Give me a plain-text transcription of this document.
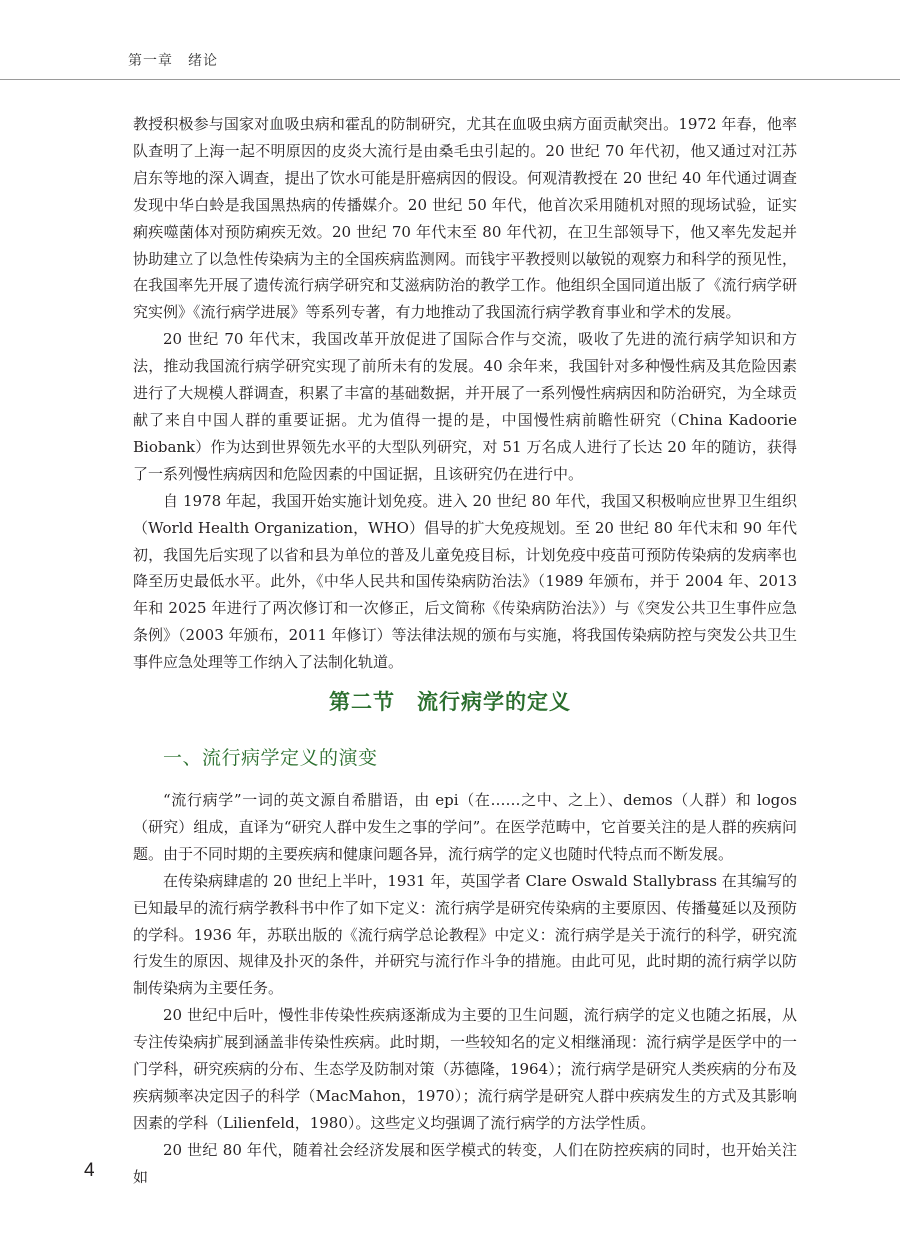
第一章　绪论

教授积极参与国家对血吸虫病和霍乱的防制研究，尤其在血吸虫病方面贡献突出。1972 年春，他率队查明了上海一起不明原因的皮炎大流行是由桑毛虫引起的。20 世纪 70 年代初，他又通过对江苏启东等地的深入调查，提出了饮水可能是肝癌病因的假设。何观清教授在 20 世纪 40 年代通过调查发现中华白蛉是我国黑热病的传播媒介。20 世纪 50 年代，他首次采用随机对照的现场试验，证实痢疾噬菌体对预防痢疾无效。20 世纪 70 年代末至 80 年代初，在卫生部领导下，他又率先发起并协助建立了以急性传染病为主的全国疾病监测网。而钱宇平教授则以敏锐的观察力和科学的预见性，在我国率先开展了遗传流行病学研究和艾滋病防治的教学工作。他组织全国同道出版了《流行病学研究实例》《流行病学进展》等系列专著，有力地推动了我国流行病学教育事业和学术的发展。

20 世纪 70 年代末，我国改革开放促进了国际合作与交流，吸收了先进的流行病学知识和方法，推动我国流行病学研究实现了前所未有的发展。40 余年来，我国针对多种慢性病及其危险因素进行了大规模人群调查，积累了丰富的基础数据，并开展了一系列慢性病病因和防治研究，为全球贡献了来自中国人群的重要证据。尤为值得一提的是，中国慢性病前瞻性研究（China Kadoorie Biobank）作为达到世界领先水平的大型队列研究，对 51 万名成人进行了长达 20 年的随访，获得了一系列慢性病病因和危险因素的中国证据，且该研究仍在进行中。

自 1978 年起，我国开始实施计划免疫。进入 20 世纪 80 年代，我国又积极响应世界卫生组织（World Health Organization，WHO）倡导的扩大免疫规划。至 20 世纪 80 年代末和 90 年代初，我国先后实现了以省和县为单位的普及儿童免疫目标，计划免疫中疫苗可预防传染病的发病率也降至历史最低水平。此外，《中华人民共和国传染病防治法》（1989 年颁布，并于 2004 年、2013 年和 2025 年进行了两次修订和一次修正，后文简称《传染病防治法》）与《突发公共卫生事件应急条例》（2003 年颁布，2011 年修订）等法律法规的颁布与实施，将我国传染病防控与突发公共卫生事件应急处理等工作纳入了法制化轨道。

第二节　流行病学的定义
一、流行病学定义的演变

“流行病学”一词的英文源自希腊语，由 epi（在……之中、之上）、demos（人群）和 logos（研究）组成，直译为“研究人群中发生之事的学问”。在医学范畴中，它首要关注的是人群的疾病问题。由于不同时期的主要疾病和健康问题各异，流行病学的定义也随时代特点而不断发展。

在传染病肆虐的 20 世纪上半叶，1931 年，英国学者 Clare Oswald Stallybrass 在其编写的已知最早的流行病学教科书中作了如下定义：流行病学是研究传染病的主要原因、传播蔓延以及预防的学科。1936 年，苏联出版的《流行病学总论教程》中定义：流行病学是关于流行的科学，研究流行发生的原因、规律及扑灭的条件，并研究与流行作斗争的措施。由此可见，此时期的流行病学以防制传染病为主要任务。

20 世纪中后叶，慢性非传染性疾病逐渐成为主要的卫生问题，流行病学的定义也随之拓展，从专注传染病扩展到涵盖非传染性疾病。此时期，一些较知名的定义相继涌现：流行病学是医学中的一门学科，研究疾病的分布、生态学及防制对策（苏德隆，1964）；流行病学是研究人类疾病的分布及疾病频率决定因子的科学（MacMahon，1970）；流行病学是研究人群中疾病发生的方式及其影响因素的学科（Lilienfeld，1980）。这些定义均强调了流行病学的方法学性质。

20 世纪 80 年代，随着社会经济发展和医学模式的转变，人们在防控疾病的同时，也开始关注如

4
